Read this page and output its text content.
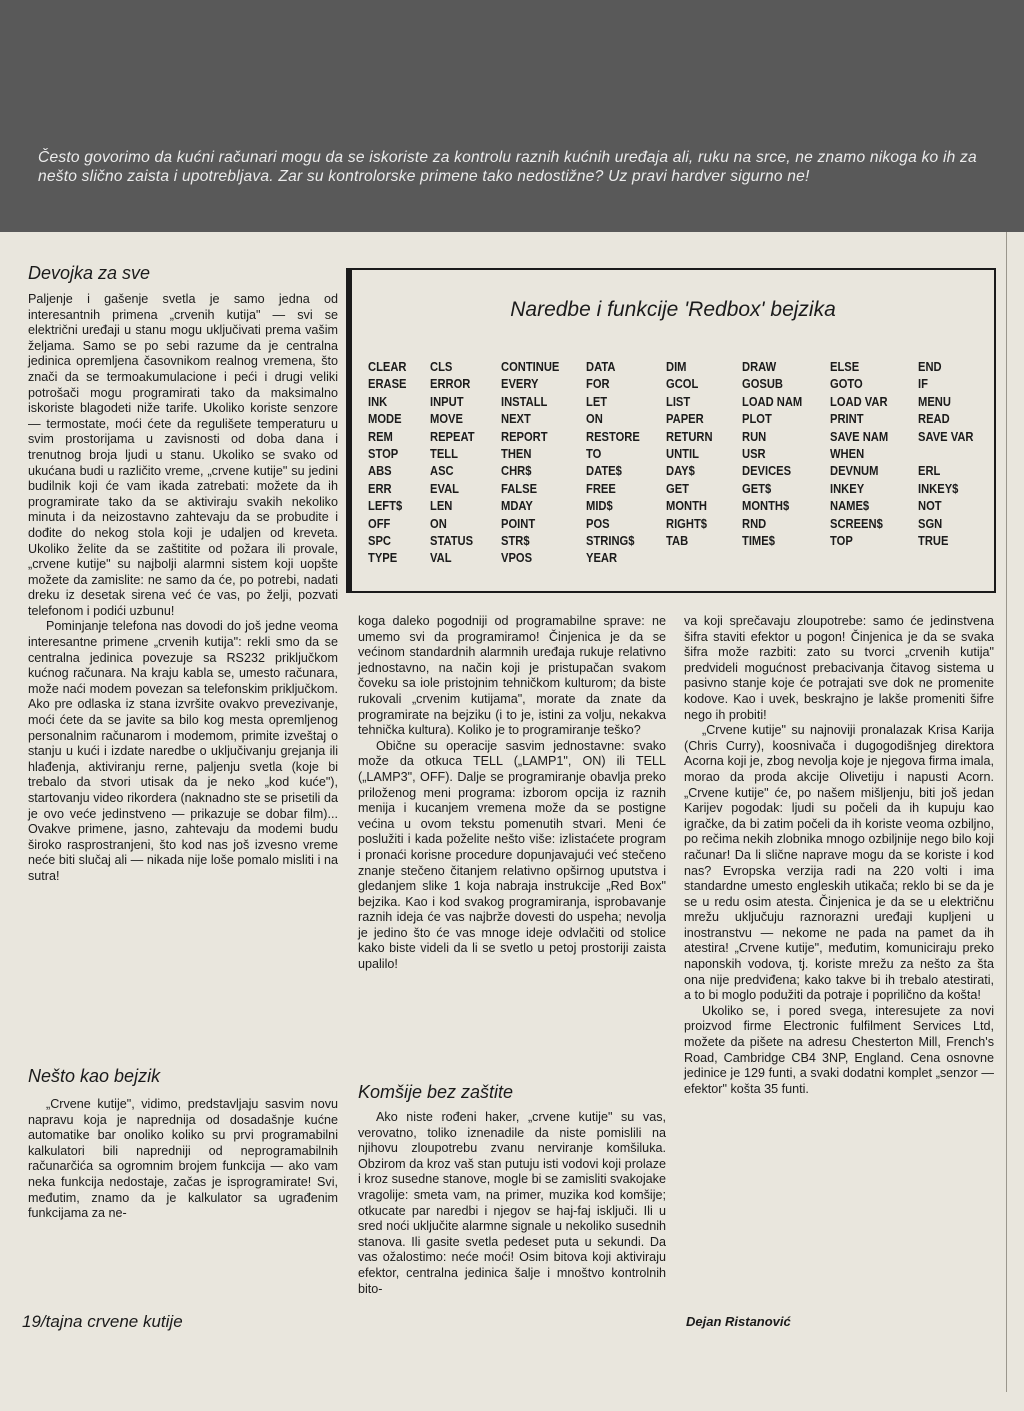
Često govorimo da kućni računari mogu da se iskoriste za kontrolu raznih kućnih uređaja ali, ruku na srce, ne znamo nikoga ko ih za nešto slično zaista i upotrebljava. Zar su kontrolorske primene tako nedostižne? Uz pravi hardver sigurno ne!
Devojka za sve

Paljenje i gašenje svetla je samo jedna od interesantnih primena „crvenih kutija" — svi se električni uređaji u stanu mogu uključivati prema vašim željama. Samo se po sebi razume da je centralna jedinica opremljena časovnikom realnog vremena, što znači da se termoakumulacione i peći i drugi veliki potrošači mogu programirati tako da maksimalno iskoriste blagodeti niže tarife. Ukoliko koriste senzore — termostate, moći ćete da regulišete temperaturu u svim prostorijama u zavisnosti od doba dana i trenutnog broja ljudi u stanu. Ukoliko se svako od ukućana budi u različito vreme, „crvene kutije" su jedini budilnik koji će vam ikada zatrebati: možete da ih programirate tako da se aktiviraju svakih nekoliko minuta i da neizostavno zahtevaju da se probudite i dođite do nekog stola koji je udaljen od kreveta. Ukoliko želite da se zaštitite od požara ili provale, „crvene kutije" su najbolji alarmni sistem koji uopšte možete da zamislite: ne samo da će, po potrebi, nadati dreku iz desetak sirena već će vas, po želji, pozvati telefonom i podići uzbunu!

Pominjanje telefona nas dovodi do još jedne veoma interesantne primene „crvenih kutija": rekli smo da se centralna jedinica povezuje sa RS232 priključkom kućnog računara. Na kraju kabla se, umesto računara, može naći modem povezan sa telefonskim priključkom. Ako pre odlaska iz stana izvršite ovakvo prevezivanje, moći ćete da se javite sa bilo kog mesta opremljenog personalnim računarom i modemom, primite izveštaj o stanju u kući i izdate naredbe o uključivanju grejanja ili hlađenja, aktiviranju rerne, paljenju svetla (koje bi trebalo da stvori utisak da je neko „kod kuće"), startovanju video rikordera (naknadno ste se prisetili da je ovo veće jedinstveno — prikazuje se dobar film)... Ovakve primene, jasno, zahtevaju da modemi budu široko rasprostranjeni, što kod nas još izvesno vreme neće biti slučaj ali — nikada nije loše pomalo misliti i na sutra!

Nešto kao bejzik

„Crvene kutije", vidimo, predstavljaju sasvim novu napravu koja je naprednija od dosadašnje kućne automatike bar onoliko koliko su prvi programabilni kalkulatori bili napredniji od neprogramabilnih računarčića sa ogromnim brojem funkcija — ako vam neka funkcija nedostaje, začas je isprogramirate! Svi, međutim, znamo da je kalkulator sa ugrađenim funkcijama za ne-

Naredbe i funkcije 'Redbox' bejzika
CLEAR
ERASE
INK
MODE
REM
STOP
ABS
ERR
LEFT$
OFF
SPC
TYPE
CLS
ERROR
INPUT
MOVE
REPEAT
TELL
ASC
EVAL
LEN
ON
STATUS
VAL
CONTINUE
EVERY
INSTALL
NEXT
REPORT
THEN
CHR$
FALSE
MDAY
POINT
STR$
VPOS
DATA
FOR
LET
ON
RESTORE
TO
DATE$
FREE
MID$
POS
STRING$
YEAR
DIM
GCOL
LIST
PAPER
RETURN
UNTIL
DAY$
GET
MONTH
RIGHT$
TAB
DRAW
GOSUB
LOAD NAM
PLOT
RUN
USR
DEVICES
GET$
MONTH$
RND
TIME$
ELSE
GOTO
LOAD VAR
PRINT
SAVE NAM
WHEN
DEVNUM
INKEY
NAME$
SCREEN$
TOP
END
IF
MENU
READ
SAVE VAR

ERL
INKEY$
NOT
SGN
TRUE

koga daleko pogodniji od programabilne sprave: ne umemo svi da programiramo! Činjenica je da se većinom standardnih alarmnih uređaja rukuje relativno jednostavno, na način koji je pristupačan svakom čoveku sa iole pristojnim tehničkom kulturom; da biste rukovali „crvenim kutijama", morate da znate da programirate na bejziku (i to je, istini za volju, nekakva tehnička kultura). Koliko je to programiranje teško?

Obične su operacije sasvim jednostavne: svako može da otkuca TELL („LAMP1", ON) ili TELL („LAMP3", OFF). Dalje se programiranje obavlja preko priloženog meni programa: izborom opcija iz raznih menija i kucanjem vremena može da se postigne većina u ovom tekstu pomenutih stvari. Meni će poslužiti i kada poželite nešto više: izlistaćete program i pronaći korisne procedure dopunjavajući već stečeno znanje stečeno čitanjem relativno opširnog uputstva i gledanjem slike 1 koja nabraja instrukcije „Red Box" bejzika. Kao i kod svakog programiranja, isprobavanje raznih ideja će vas najbrže dovesti do uspeha; nevolja je jedino što će vas mnoge ideje odvlačiti od stolice kako biste videli da li se svetlo u petoj prostoriji zaista upalilo!

Komšije bez zaštite

Ako niste rođeni haker, „crvene kutije" su vas, verovatno, toliko iznenadile da niste pomislili na njihovu zloupotrebu zvanu nerviranje komšiluka. Obzirom da kroz vaš stan putuju isti vodovi koji prolaze i kroz susedne stanove, mogle bi se zamisliti svakojake vragolije: smeta vam, na primer, muzika kod komšije; otkucate par naredbi i njegov se haj-faj isključi. Ili u sred noći uključite alarmne signale u nekoliko susednih stanova. Ili gasite svetla pedeset puta u sekundi. Da vas ožalostimo: neće moći! Osim bitova koji aktiviraju efektor, centralna jedinica šalje i mnoštvo kontrolnih bito-

va koji sprečavaju zloupotrebe: samo će jedinstvena šifra staviti efektor u pogon! Činjenica je da se svaka šifra može razbiti: zato su tvorci „crvenih kutija" predvideli mogućnost prebacivanja čitavog sistema u pasivno stanje koje će potrajati sve dok ne promenite kodove. Kao i uvek, beskrajno je lakše promeniti šifre nego ih probiti!

„Crvene kutije" su najnoviji pronalazak Krisa Karija (Chris Curry), koosnivača i dugogodišnjeg direktora Acorna koji je, zbog nevolja koje je njegova firma imala, morao da proda akcije Olivetiju i napusti Acorn. „Crvene kutije" će, po našem mišljenju, biti još jedan Karijev pogodak: ljudi su počeli da ih kupuju kao igračke, da bi zatim počeli da ih koriste veoma ozbiljno, po rečima nekih zlobnika mnogo ozbiljnije nego bilo koji računar! Da li slične naprave mogu da se koriste i kod nas? Evropska verzija radi na 220 volti i ima standardne umesto engleskih utikača; reklo bi se da je se u redu osim atesta. Činjenica je da se u električnu mrežu uključuju raznorazni uređaji kupljeni u inostranstvu — nekome ne pada na pamet da ih atestira! „Crvene kutije", međutim, komuniciraju preko naponskih vodova, tj. koriste mrežu za nešto za šta ona nije predviđena; kako takve bi ih trebalo atestirati, a to bi moglo podužiti da potraje i poprilično da košta!

Ukoliko se, i pored svega, interesujete za novi proizvod firme Electronic fulfilment Services Ltd, možete da pišete na adresu Chesterton Mill, French's Road, Cambridge CB4 3NP, England. Cena osnovne jedinice je 129 funti, a svaki dodatni komplet „senzor — efektor" košta 35 funti.

19/tajna crvene kutije	Dejan Ristanović
